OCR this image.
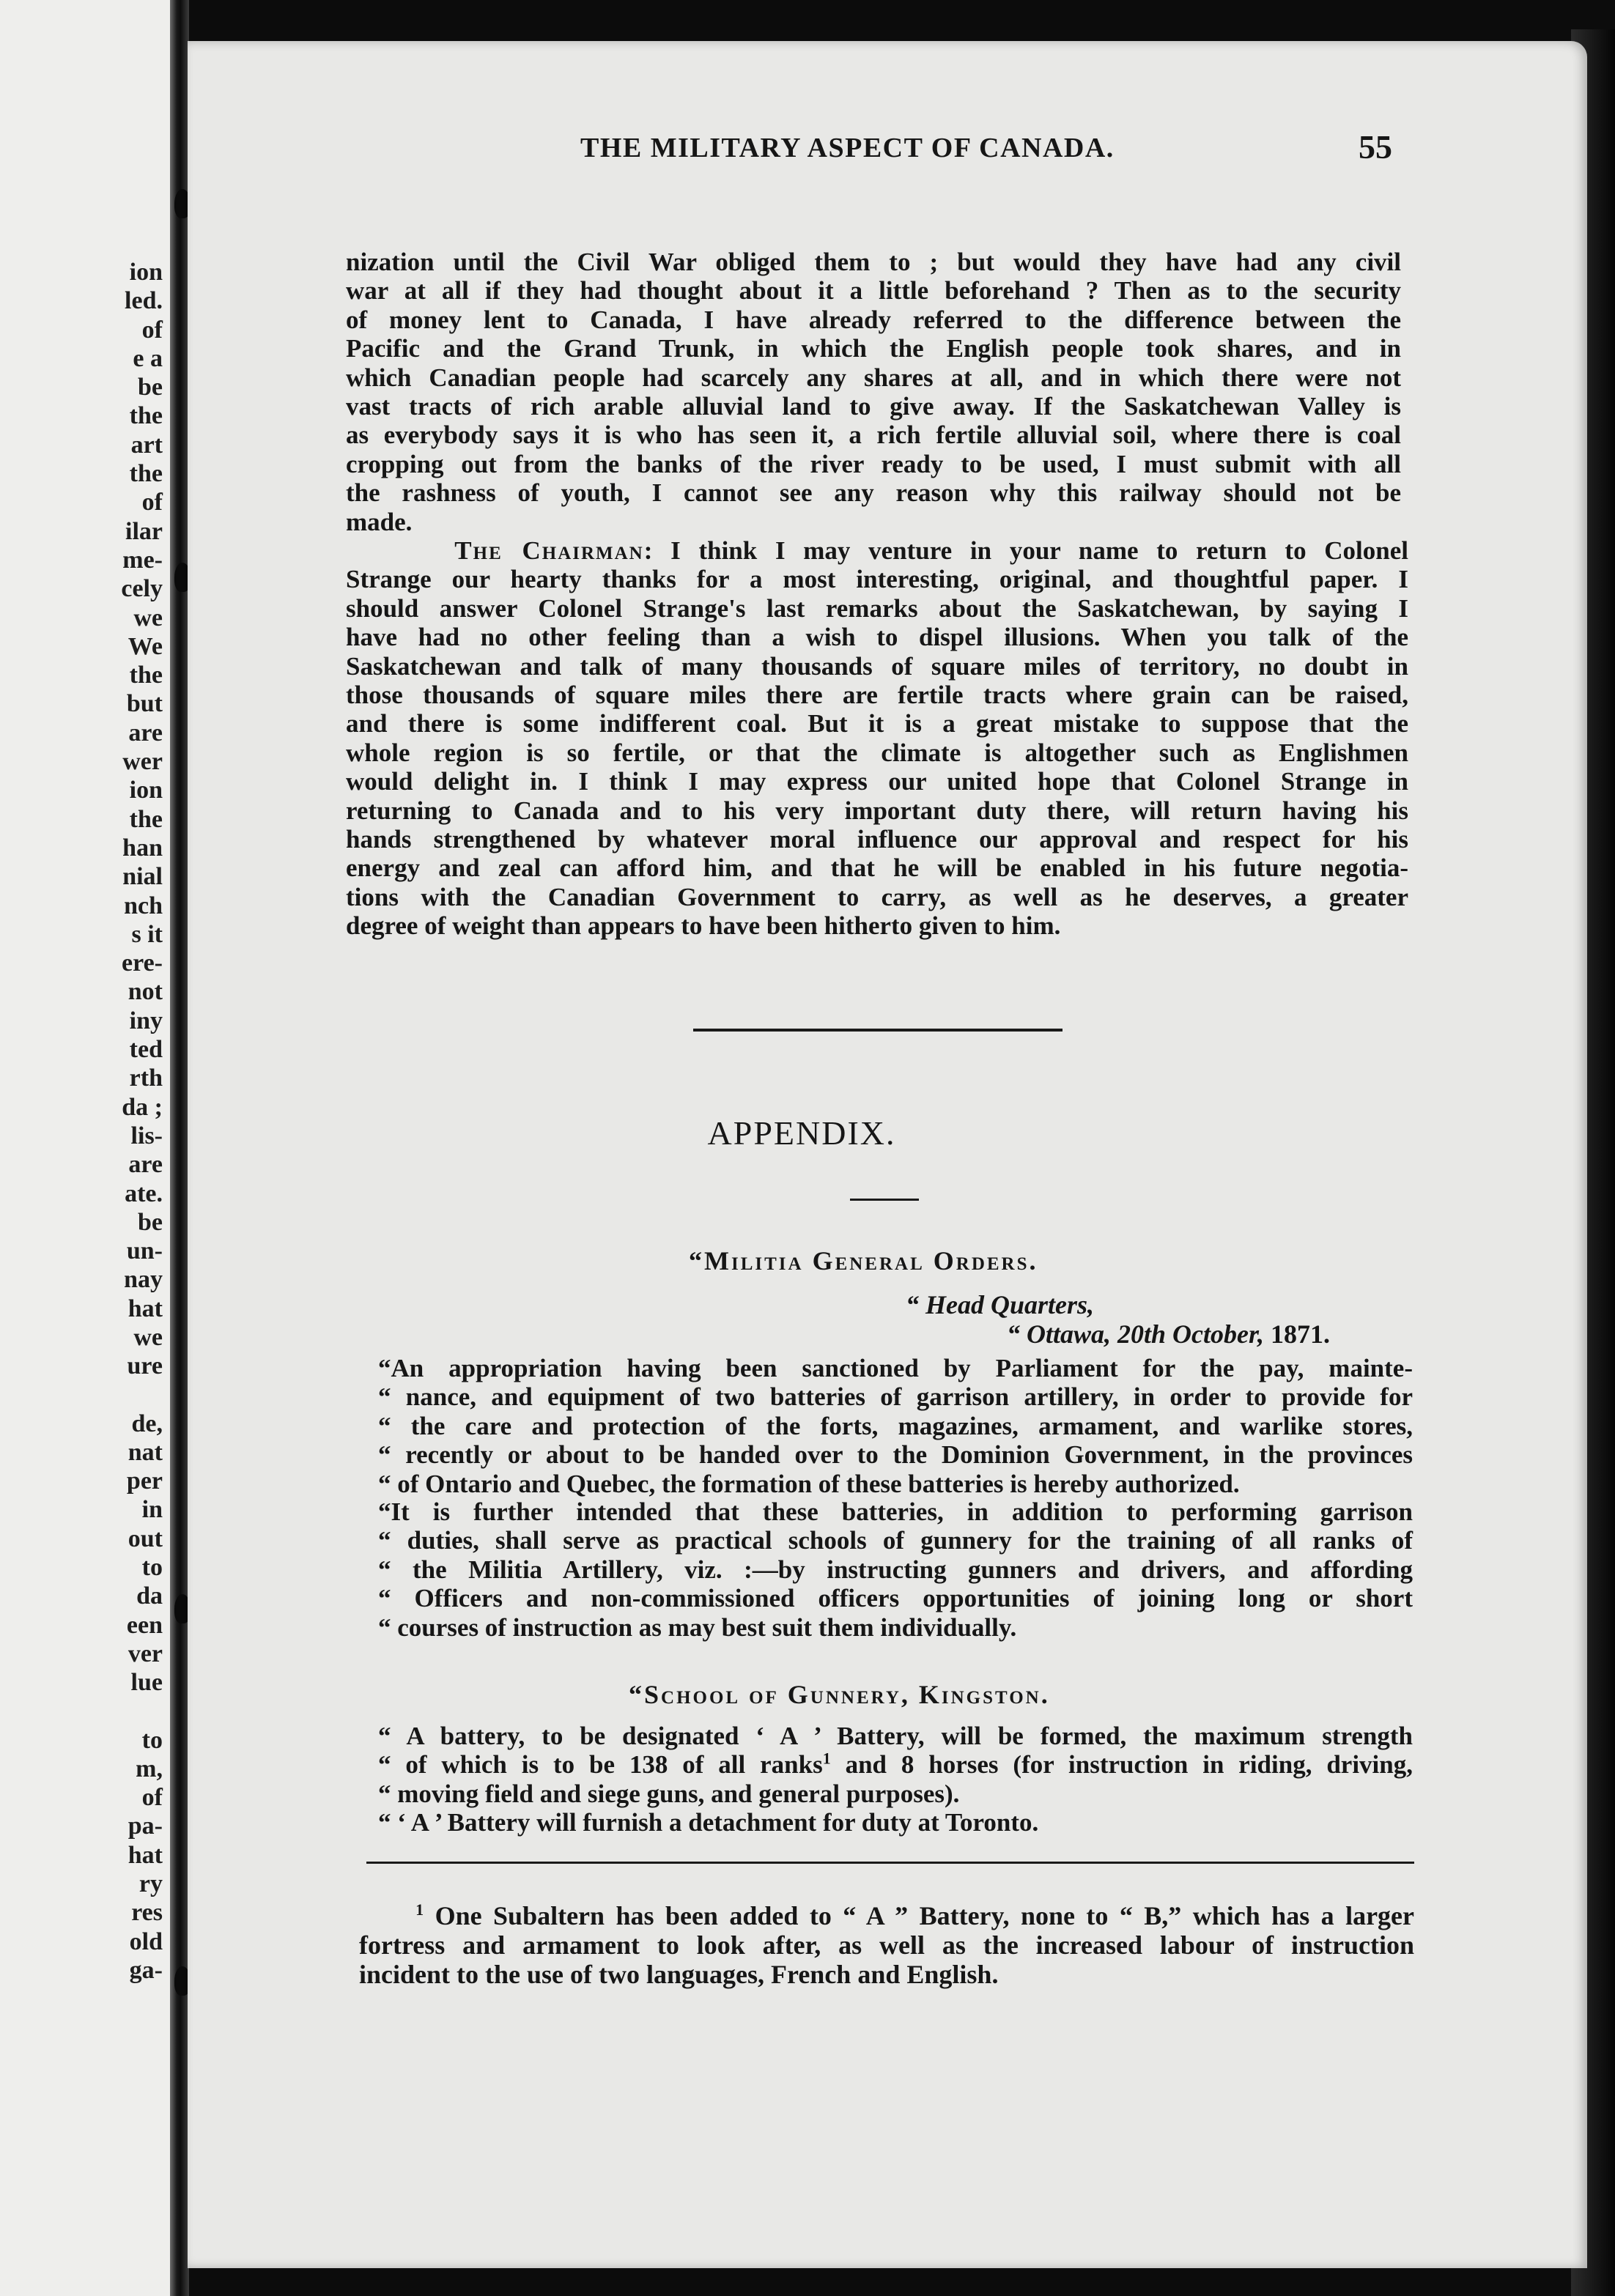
ion
led.
of
e a
be
the
art
the
of
ilar
me-
cely
we
We
the
but
are
wer
ion
the
han
nial
nch
s it
ere-
not
iny
ted
rth
da ;
lis-
are
ate.
be
un-
nay
hat
we
ure
de,
nat
per
in
out
to
da
een
ver
lue
to
m,
of
pa-
hat
ry
res
old
ga-
THE MILITARY ASPECT OF CANADA.	55
nization until the Civil War obliged them to ; but would they have had any civil
war at all if they had thought about it a little beforehand ? Then as to the security
of money lent to Canada, I have already referred to the difference between the
Pacific and the Grand Trunk, in which the English people took shares, and in
which Canadian people had scarcely any shares at all, and in which there were not
vast tracts of rich arable alluvial land to give away. If the Saskatchewan Valley is
as everybody says it is who has seen it, a rich fertile alluvial soil, where there is coal
cropping out from the banks of the river ready to be used, I must submit with all
the rashness of youth, I cannot see any reason why this railway should not be
made.
The Chairman: I think I may venture in your name to return to Colonel
Strange our hearty thanks for a most interesting, original, and thoughtful paper. I
should answer Colonel Strange's last remarks about the Saskatchewan, by saying I
have had no other feeling than a wish to dispel illusions. When you talk of the
Saskatchewan and talk of many thousands of square miles of territory, no doubt in
those thousands of square miles there are fertile tracts where grain can be raised,
and there is some indifferent coal. But it is a great mistake to suppose that the
whole region is so fertile, or that the climate is altogether such as Englishmen
would delight in. I think I may express our united hope that Colonel Strange in
returning to Canada and to his very important duty there, will return having his
hands strengthened by whatever moral influence our approval and respect for his
energy and zeal can afford him, and that he will be enabled in his future negotia-
tions with the Canadian Government to carry, as well as he deserves, a greater
degree of weight than appears to have been hitherto given to him.
APPENDIX.
“Militia General Orders.
“ Head Quarters,
“ Ottawa, 20th October, 1871.
“An appropriation having been sanctioned by Parliament for the pay, mainte-
“ nance, and equipment of two batteries of garrison artillery, in order to provide for
“ the care and protection of the forts, magazines, armament, and warlike stores,
“ recently or about to be handed over to the Dominion Government, in the provinces
“ of Ontario and Quebec, the formation of these batteries is hereby authorized.
“It is further intended that these batteries, in addition to performing garrison
“ duties, shall serve as practical schools of gunnery for the training of all ranks of
“ the Militia Artillery, viz. :—by instructing gunners and drivers, and affording
“ Officers and non-commissioned officers opportunities of joining long or short
“ courses of instruction as may best suit them individually.
“School of Gunnery, Kingston.
“ A battery, to be designated ‘ A ’ Battery, will be formed, the maximum strength
“ of which is to be 138 of all ranks$^1$ and 8 horses (for instruction in riding, driving,
“ moving field and siege guns, and general purposes).
“ ‘ A ’ Battery will furnish a detachment for duty at Toronto.
$^1$ One Subaltern has been added to “ A ” Battery, none to “ B,” which has a larger
fortress and armament to look after, as well as the increased labour of instruction
incident to the use of two languages, French and English.
